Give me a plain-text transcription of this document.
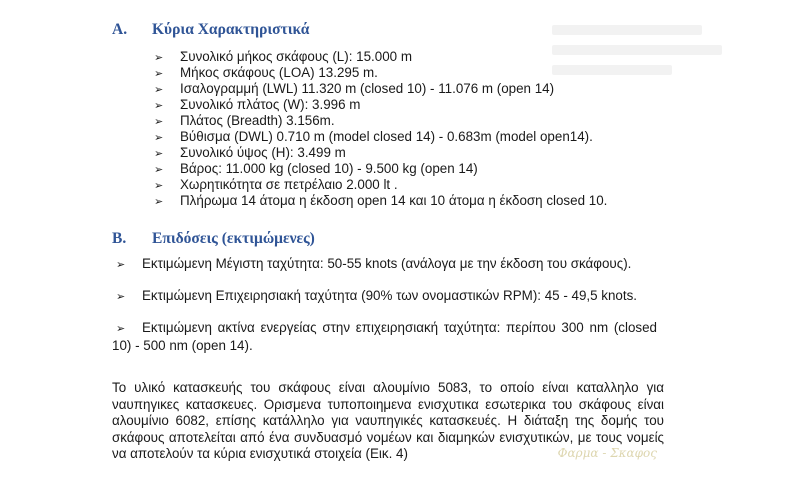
A. Κύρια Χαρακτηριστικά
➢ Συνολικό μήκος σκάφους (L): 15.000 m
➢ Μήκος σκάφους (LOA) 13.295 m.
➢ Ισαλογραμμή (LWL) 11.320 m (closed 10) - 11.076 m (open 14)
➢ Συνολικό πλάτος (W): 3.996 m
➢ Πλάτος (Breadth) 3.156m.
➢ Βύθισμα (DWL) 0.710 m (model closed 14) - 0.683m (model open14).
➢ Συνολικό ύψος (H): 3.499 m
➢ Βάρος: 11.000 kg (closed 10) - 9.500 kg (open 14)
➢ Χωρητικότητα σε πετρέλαιο 2.000 lt .
➢ Πλήρωμα 14 άτομα η έκδοση open 14 και 10 άτομα η έκδοση closed 10.
B. Επιδόσεις (εκτιμώμενες)
➢ Εκτιμώμενη Μέγιστη ταχύτητα: 50-55 knots (ανάλογα με την έκδοση του σκάφους).
➢ Εκτιμώμενη Επιχειρησιακή ταχύτητα (90% των ονομαστικών RPM): 45 - 49,5 knots.
➢ Εκτιμώμενη ακτίνα ενεργείας στην επιχειρησιακή ταχύτητα: περίπου 300 nm (closed 10) - 500 nm (open 14).
Το υλικό κατασκευής του σκάφους είναι αλουμίνιο 5083, το οποίο είναι καταλληλο για ναυπηγικες κατασκευες. Ορισμενα τυποποιημενα ενισχυτικα εσωτερικα του σκάφους είναι αλουμίνιο 6082, επίσης κατάλληλο για ναυπηγικές κατασκευές. Η διάταξη της δομής του σκάφους αποτελείται από ένα συνδυασμό νομέων και διαμηκών ενισχυτικών, με τους νομείς να αποτελούν τα κύρια ενισχυτικά στοιχεία (Εικ. 4)	Φαρμα - Σκαφος
